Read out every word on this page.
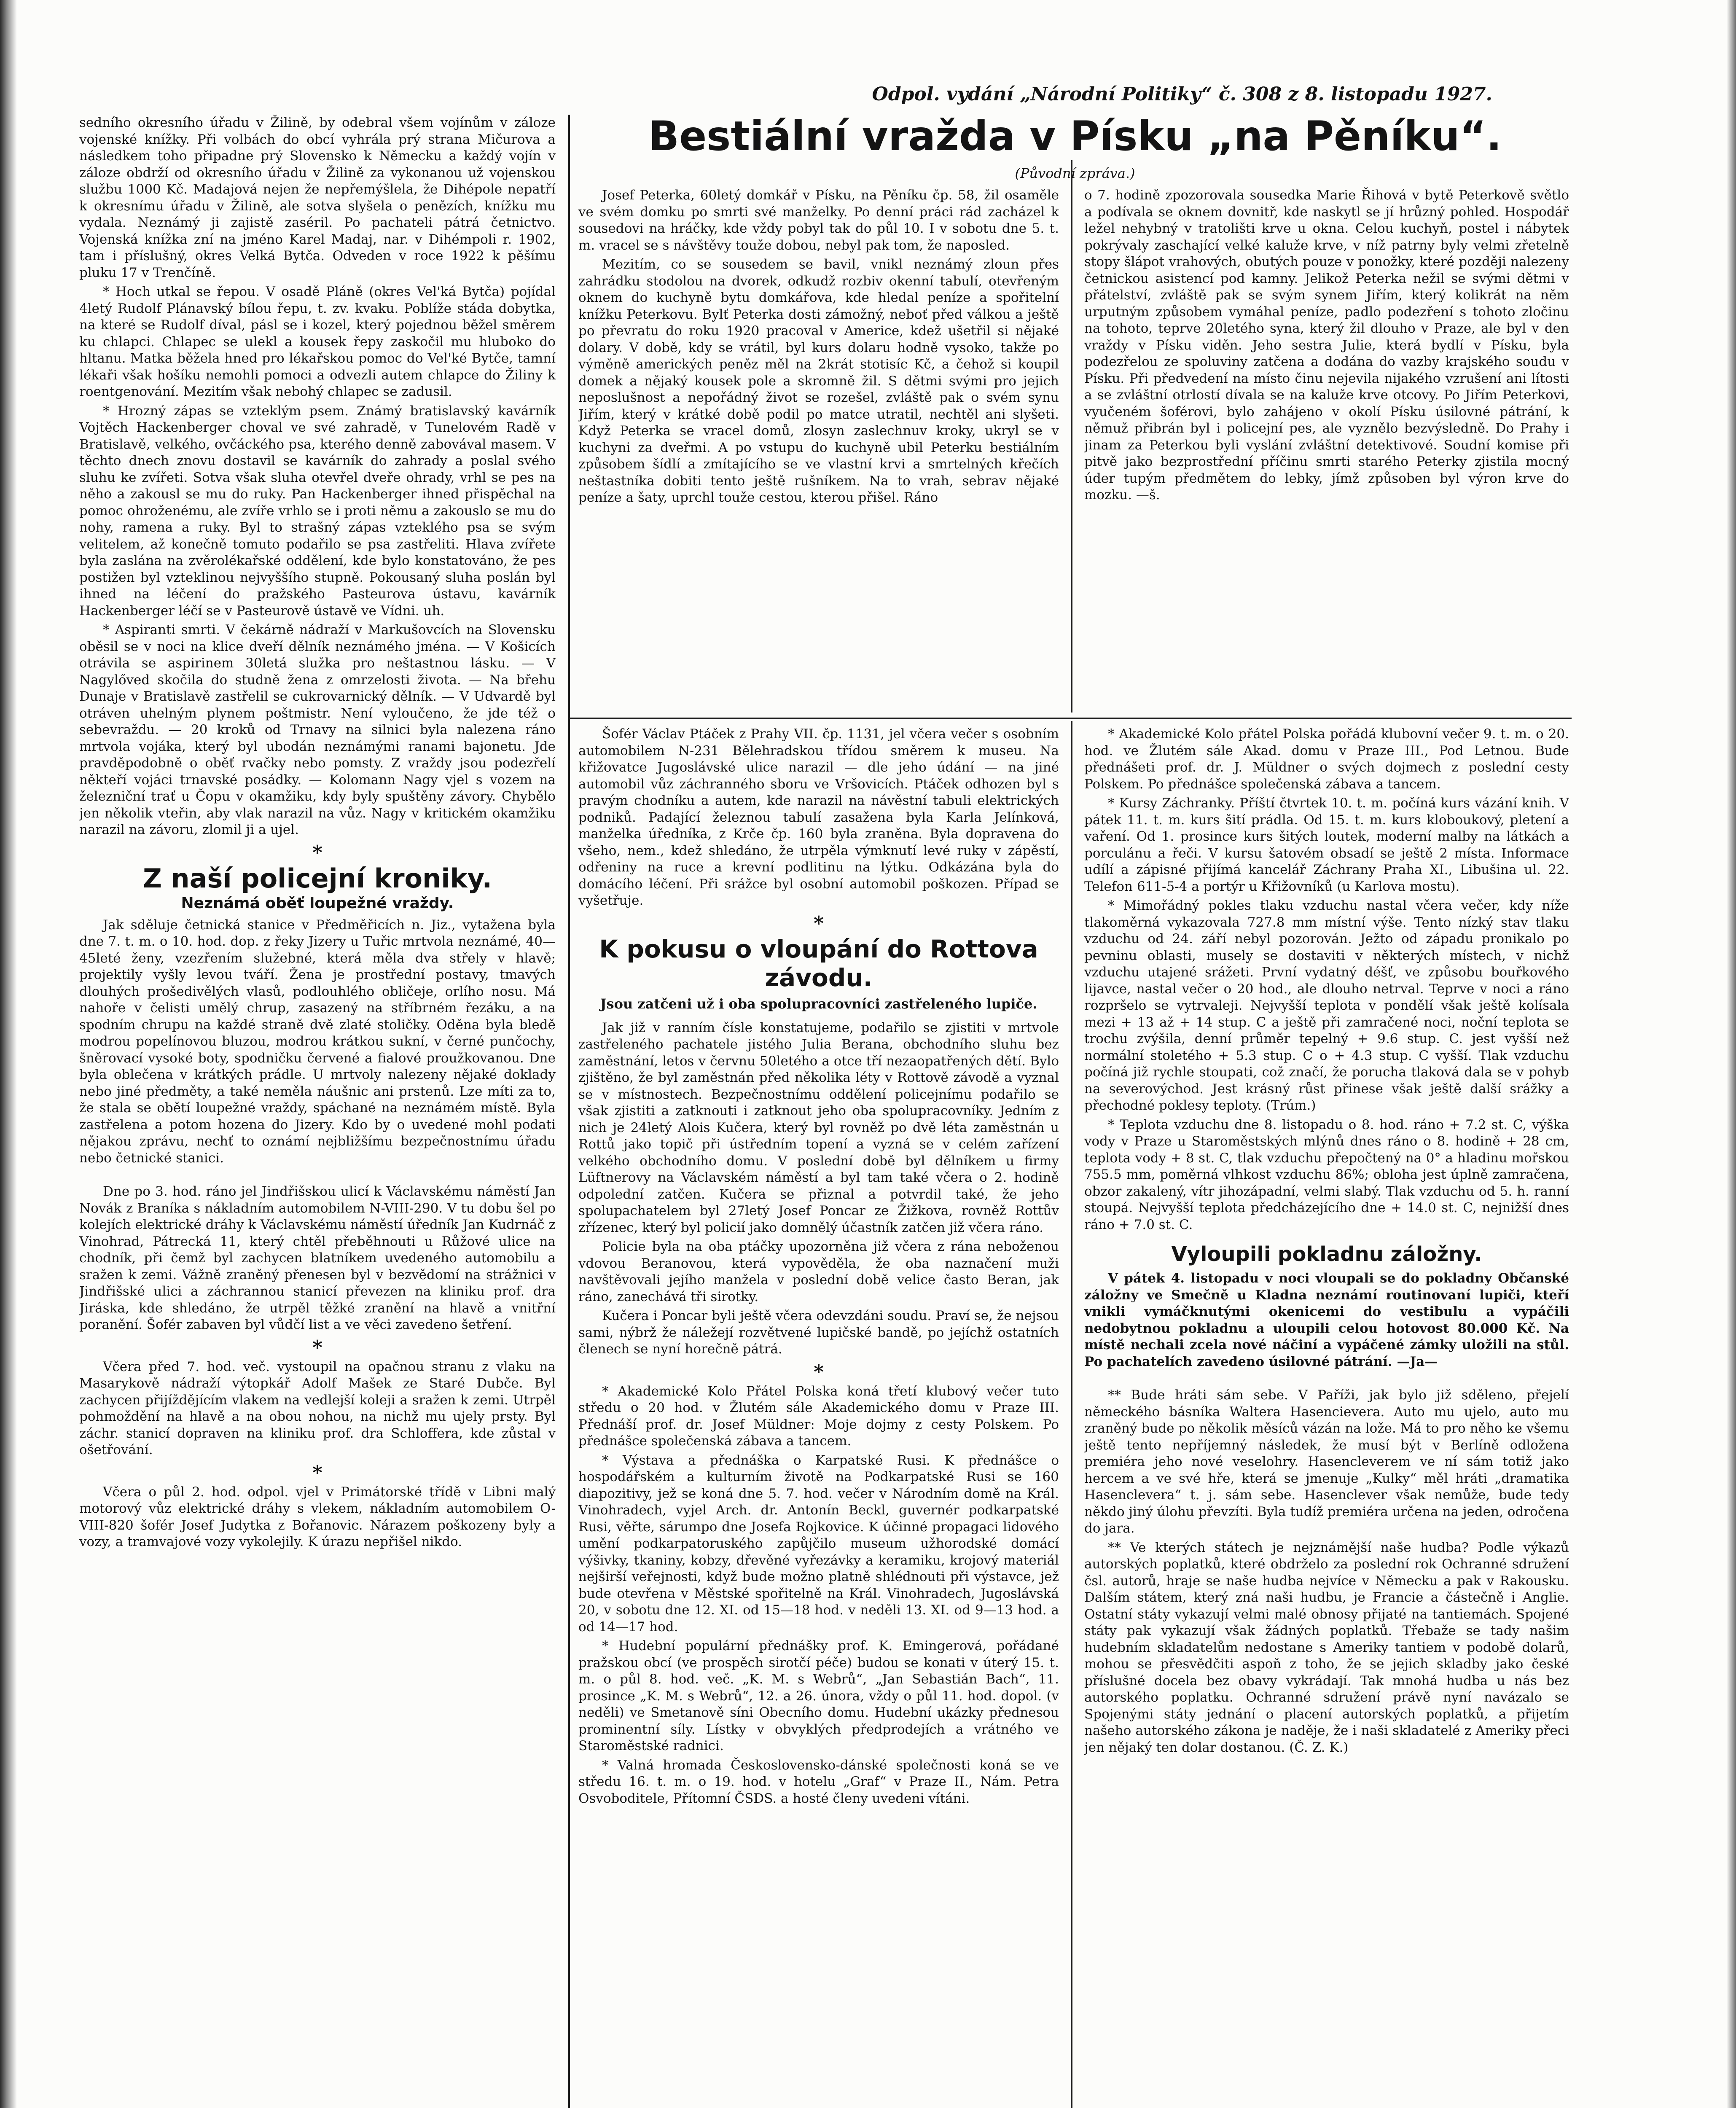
Odpol. vydání „Národní Politiky“ č. 308 z 8. listopadu 1927.

sedního okresního úřadu v Žilině, by odebral všem vojínům v záloze vojenské knížky. Při volbách do obcí vyhrála prý strana Mičurova a následkem toho připadne prý Slovensko k Německu a každý vojín v záloze obdrží od okresního úřadu v Žilině za vykonanou už vojenskou službu 1000 Kč. Madajová nejen že nepřemýšlela, že Dihépole nepatří k okresnímu úřadu v Žilině, ale sotva slyšela o penězích, knížku mu vydala. Neznámý ji zajistě zaséril. Po pachateli pátrá četnictvo. Vojenská knížka zní na jméno Karel Madaj, nar. v Dihémpoli r. 1902, tam i příslušný, okres Velká Bytča. Odveden v roce 1922 k pěšímu pluku 17 v Trenčíně.

* Hoch utkal se řepou. V osadě Pláně (okres Vel'ká Bytča) pojídal 4letý Rudolf Plánavský bílou řepu, t. zv. kvaku. Poblíže stáda dobytka, na které se Rudolf díval, pásl se i kozel, který pojednou běžel směrem ku chlapci. Chlapec se ulekl a kousek řepy zaskočil mu hluboko do hltanu. Matka běžela hned pro lékařskou pomoc do Vel'ké Bytče, tamní lékaři však hošíku nemohli pomoci a odvezli autem chlapce do Žiliny k roentgenování. Mezitím však nebohý chlapec se zadusil.

* Hrozný zápas se vzteklým psem. Známý bratislavský kavárník Vojtěch Hackenberger choval ve své zahradě, v Tunelovém Radě v Bratislavě, velkého, ovčáckého psa, kterého denně zabovával masem. V těchto dnech znovu dostavil se kavárník do zahrady a poslal svého sluhu ke zvířeti. Sotva však sluha otevřel dveře ohrady, vrhl se pes na něho a zakousl se mu do ruky. Pan Hackenberger ihned přispěchal na pomoc ohroženému, ale zvíře vrhlo se i proti němu a zakouslo se mu do nohy, ramena a ruky. Byl to strašný zápas vzteklého psa se svým velitelem, až konečně tomuto podařilo se psa zastřeliti. Hlava zvířete byla zaslána na zvěrolékařské oddělení, kde bylo konstatováno, že pes postižen byl vzteklinou nejvyššího stupně. Pokousaný sluha poslán byl ihned na léčení do pražského Pasteurova ústavu, kavárník Hackenberger léčí se v Pasteurově ústavě ve Vídni. uh.

* Aspiranti smrti. V čekárně nádraží v Markušovcích na Slovensku oběsil se v noci na klice dveří dělník neznámého jména. — V Košicích otrávila se aspirinem 30letá služka pro neštastnou lásku. — V Nagylőved skočila do studně žena z omrzelosti života. — Na břehu Dunaje v Bratislavě zastřelil se cukrovarnický dělník. — V Udvardě byl otráven uhelným plynem poštmistr. Není vyloučeno, že jde též o sebevraždu. — 20 kroků od Trnavy na silnici byla nalezena ráno mrtvola vojáka, který byl ubodán neznámými ranami bajonetu. Jde pravděpodobně o oběť rvačky nebo pomsty. Z vraždy jsou podezřelí někteří vojáci trnavské posádky. — Kolomann Nagy vjel s vozem na železniční trať u Čopu v okamžiku, kdy byly spuštěny závory. Chybělo jen několik vteřin, aby vlak narazil na vůz. Nagy v kritickém okamžiku narazil na závoru, zlomil ji a ujel.

*
Z naší policejní kroniky.
Neznámá oběť loupežné vraždy.

Jak sděluje četnická stanice v Předměřicích n. Jiz., vytažena byla dne 7. t. m. o 10. hod. dop. z řeky Jizery u Tuřic mrtvola neznámé, 40—45leté ženy, vzezřením služebné, která měla dva střely v hlavě; projektily vyšly levou tváří. Žena je prostřední postavy, tmavých dlouhých prošedivělých vlasů, podlouhlého obličeje, orlího nosu. Má nahoře v čelisti umělý chrup, zasazený na stříbrném řezáku, a na spodním chrupu na každé straně dvě zlaté stoličky. Oděna byla bledě modrou popelínovou bluzou, modrou krátkou sukní, v černé punčochy, šněrovací vysoké boty, spodničku červené a fialové proužkovanou. Dne byla oblečena v krátkých prádle. U mrtvoly nalezeny nějaké doklady nebo jiné předměty, a také neměla náušnic ani prstenů. Lze míti za to, že stala se obětí loupežné vraždy, spáchané na neznámém místě. Byla zastřelena a potom hozena do Jizery. Kdo by o uvedené mohl podati nějakou zprávu, nechť to oznámí nejbližšímu bezpečnostnímu úřadu nebo četnické stanici.

Dne po 3. hod. ráno jel Jindřišskou ulicí k Václavskému náměstí Jan Novák z Braníka s nákladním automobilem N-VIII-290. V tu dobu šel po kolejích elektrické dráhy k Václavskému náměstí úředník Jan Kudrnáč z Vinohrad, Pátrecká 11, který chtěl přeběhnouti u Růžové ulice na chodník, při čemž byl zachycen blatníkem uvedeného automobilu a sražen k zemi. Vážně zraněný přenesen byl v bezvědomí na strážnici v Jindřišské ulici a záchrannou stanicí převezen na kliniku prof. dra Jiráska, kde shledáno, že utrpěl těžké zranění na hlavě a vnitřní poranění. Šofér zabaven byl vůdčí list a ve věci zavedeno šetření.

*

Včera před 7. hod. več. vystoupil na opačnou stranu z vlaku na Masarykově nádraží výtopkář Adolf Mašek ze Staré Dubče. Byl zachycen přijíždějícím vlakem na vedlejší koleji a sražen k zemi. Utrpěl pohmoždění na hlavě a na obou nohou, na nichž mu ujely prsty. Byl záchr. stanicí dopraven na kliniku prof. dra Schloffera, kde zůstal v ošetřování.

*

Včera o půl 2. hod. odpol. vjel v Primátorské třídě v Libni malý motorový vůz elektrické dráhy s vlekem, nákladním automobilem O-VIII-820 šofér Josef Judytka z Bořanovic. Nárazem poškozeny byly a vozy, a tramvajové vozy vykolejily. K úrazu nepřišel nikdo.

Bestiální vražda v Písku „na Pěníku“.
(Původní zpráva.)

Josef Peterka, 60letý domkář v Písku, na Pěníku čp. 58, žil osaměle ve svém domku po smrti své manželky. Po denní práci rád zacházel k sousedovi na hráčky, kde vždy pobyl tak do půl 10. I v sobotu dne 5. t. m. vracel se s návštěvy touže dobou, nebyl pak tom, že naposled.

Mezitím, co se sousedem se bavil, vnikl neznámý zloun přes zahrádku stodolou na dvorek, odkudž rozbiv okenní tabulí, otevřeným oknem do kuchyně bytu domkářova, kde hledal peníze a spořitelní knížku Peterkovu. Bylť Peterka dosti zámožný, neboť před válkou a ještě po převratu do roku 1920 pracoval v Americe, kdež ušetřil si nějaké dolary. V době, kdy se vrátil, byl kurs dolaru hodně vysoko, takže po výměně amerických peněz měl na 2krát stotisíc Kč, a čehož si koupil domek a nějaký kousek pole a skromně žil. S dětmi svými pro jejich neposlušnost a nepořádný život se rozešel, zvláště pak o svém synu Jiřím, který v krátké době podil po matce utratil, nechtěl ani slyšeti. Když Peterka se vracel domů, zlosyn zaslechnuv kroky, ukryl se v kuchyni za dveřmi. A po vstupu do kuchyně ubil Peterku bestiálním způsobem šídlí a zmítajícího se ve vlastní krvi a smrtelných křečích neštastníka dobiti tento ještě rušníkem. Na to vrah, sebrav nějaké peníze a šaty, uprchl touže cestou, kterou přišel. Ráno

o 7. hodině zpozorovala sousedka Marie Řihová v bytě Peterkově světlo a podívala se oknem dovnitř, kde naskytl se jí hrůzný pohled. Hospodář ležel nehybný v tratolišti krve u okna. Celou kuchyň, postel i nábytek pokrývaly zaschající velké kaluže krve, v níž patrny byly velmi zřetelně stopy šlápot vrahových, obutých pouze v ponožky, které později nalezeny četnickou asistencí pod kamny. Jelikož Peterka nežil se svými dětmi v přátelství, zvláště pak se svým synem Jiřím, který kolikrát na něm urputným způsobem vymáhal peníze, padlo podezření s tohoto zločinu na tohoto, teprve 20letého syna, který žil dlouho v Praze, ale byl v den vraždy v Písku viděn. Jeho sestra Julie, která bydlí v Písku, byla podezřelou ze spoluviny zatčena a dodána do vazby krajského soudu v Písku. Při předvedení na místo činu nejevila nijakého vzrušení ani lítosti a se zvláštní otrlostí dívala se na kaluže krve otcovy. Po Jiřím Peterkovi, vyučeném šoférovi, bylo zahájeno v okolí Písku úsilovné pátrání, k němuž přibrán byl i policejní pes, ale vyznělo bezvýsledně. Do Prahy i jinam za Peterkou byli vyslání zvláštní detektivové. Soudní komise při pitvě jako bezprostřední příčinu smrti starého Peterky zjistila mocný úder tupým předmětem do lebky, jímž způsoben byl výron krve do mozku. —š.

Šofér Václav Ptáček z Prahy VII. čp. 1131, jel včera večer s osobním automobilem N-231 Bělehradskou třídou směrem k museu. Na křižovatce Jugoslávské ulice narazil — dle jeho údání — na jiné automobil vůz záchranného sboru ve Vršovicích. Ptáček odhozen byl s pravým chodníku a autem, kde narazil na návěstní tabuli elektrických podniků. Padající železnou tabulí zasažena byla Karla Jelínková, manželka úředníka, z Krče čp. 160 byla zraněna. Byla dopravena do všeho, nem., kdež shledáno, že utrpěla výmknutí levé ruky v zápěstí, odřeniny na ruce a krevní podlitinu na lýtku. Odkázána byla do domácího léčení. Při srážce byl osobní automobil poškozen. Případ se vyšetřuje.

*
K pokusu o vloupání do Rottova závodu.
Jsou zatčeni už i oba spolupracovníci zastřeleného lupiče.

Jak již v ranním čísle konstatujeme, podařilo se zjistiti v mrtvole zastřeleného pachatele jistého Julia Berana, obchodního sluhu bez zaměstnání, letos v červnu 50letého a otce tří nezaopatřených dětí. Bylo zjištěno, že byl zaměstnán před několika léty v Rottově závodě a vyznal se v místnostech. Bezpečnostnímu oddělení policejnímu podařilo se však zjistiti a zatknouti i zatknout jeho oba spolupracovníky. Jedním z nich je 24letý Alois Kučera, který byl rovněž po dvě léta zaměstnán u Rottů jako topič při ústředním topení a vyzná se v celém zařízení velkého obchodního domu. V poslední době byl dělníkem u firmy Lüftnerovy na Václavském náměstí a byl tam také včera o 2. hodině odpolední zatčen. Kučera se přiznal a potvrdil také, že jeho spolupachatelem byl 27letý Josef Poncar ze Žižkova, rovněž Rottův zřízenec, který byl policií jako domnělý účastník zatčen již včera ráno.

Policie byla na oba ptáčky upozorněna již včera z rána neboženou vdovou Beranovou, která vypověděla, že oba naznačení muži navštěvovali jejího manžela v poslední době velice často Beran, jak ráno, zanechává tři sirotky.

Kučera i Poncar byli ještě včera odevzdáni soudu. Praví se, že nejsou sami, nýbrž že náležejí rozvětvené lupičské bandě, po jejíchž ostatních členech se nyní horečně pátrá.

*

* Akademické Kolo Přátel Polska koná třetí klubový večer tuto středu o 20 hod. v Žlutém sále Akademického domu v Praze III. Přednáší prof. dr. Josef Müldner: Moje dojmy z cesty Polskem. Po přednášce společenská zábava a tancem.

* Výstava a přednáška o Karpatské Rusi. K přednášce o hospodářském a kulturním životě na Podkarpatské Rusi se 160 diapozitivy, jež se koná dne 5. 7. hod. večer v Národním domě na Král. Vinohradech, vyjel Arch. dr. Antonín Beckl, guvernér podkarpatské Rusi, věřte, sárumpo dne Josefa Rojkovice. K účinné propagaci lidového umění podkarpatoruského zapůjčilo museum užhorodské domácí výšivky, tkaniny, kobzy, dřevěné vyřezávky a keramiku, krojový materiál nejširší veřejnosti, když bude možno platně shlédnouti při výstavce, jež bude otevřena v Městské spořitelně na Král. Vinohradech, Jugoslávská 20, v sobotu dne 12. XI. od 15—18 hod. v neděli 13. XI. od 9—13 hod. a od 14—17 hod.

* Hudební populární přednášky prof. K. Emingerová, pořádané pražskou obcí (ve prospěch sirotčí péče) budou se konati v úterý 15. t. m. o půl 8. hod. več. „K. M. s Webrů“, „Jan Sebastián Bach“, 11. prosince „K. M. s Webrů“, 12. a 26. února, vždy o půl 11. hod. dopol. (v neděli) ve Smetanově síni Obecního domu. Hudební ukázky přednesou prominentní síly. Lístky v obvyklých předprodejích a vrátného ve Staroměstské radnici.

* Valná hromada Československo-dánské společnosti koná se ve středu 16. t. m. o 19. hod. v hotelu „Graf“ v Praze II., Nám. Petra Osvoboditele, Přítomní ČSDS. a hosté členy uvedeni vítáni.

* Akademické Kolo přátel Polska pořádá klubovní večer 9. t. m. o 20. hod. ve Žlutém sále Akad. domu v Praze III., Pod Letnou. Bude přednášeti prof. dr. J. Müldner o svých dojmech z poslední cesty Polskem. Po přednášce společenská zábava a tancem.

* Kursy Záchranky. Příští čtvrtek 10. t. m. počíná kurs vázání knih. V pátek 11. t. m. kurs šití prádla. Od 15. t. m. kurs kloboukový, pletení a vaření. Od 1. prosince kurs šitých loutek, moderní malby na látkách a porculánu a řeči. V kursu šatovém obsadí se ještě 2 místa. Informace udílí a zápisné přijímá kancelář Záchrany Praha XI., Libušina ul. 22. Telefon 611-5-4 a portýr u Křižovníků (u Karlova mostu).

* Mimořádný pokles tlaku vzduchu nastal včera večer, kdy níže tlakoměrná vykazovala 727.8 mm místní výše. Tento nízký stav tlaku vzduchu od 24. září nebyl pozorován. Ježto od západu pronikalo po pevninu oblasti, musely se dostaviti v některých místech, v nichž vzduchu utajené srážeti. První vydatný déšť, ve způsobu bouřkového lijavce, nastal večer o 20 hod., ale dlouho netrval. Teprve v noci a ráno rozpršelo se vytrvaleji. Nejvyšší teplota v pondělí však ještě kolísala mezi + 13 až + 14 stup. C a ještě při zamračené noci, noční teplota se trochu zvýšila, denní průměr tepelný + 9.6 stup. C. jest vyšší než normální stoletého + 5.3 stup. C o + 4.3 stup. C vyšší. Tlak vzduchu počíná již rychle stoupati, což značí, že porucha tlaková dala se v pohyb na severovýchod. Jest krásný růst přinese však ještě další srážky a přechodné poklesy teploty. (Trúm.)

* Teplota vzduchu dne 8. listopadu o 8. hod. ráno + 7.2 st. C, výška vody v Praze u Staroměstských mlýnů dnes ráno o 8. hodině + 28 cm, teplota vody + 8 st. C, tlak vzduchu přepočtený na 0° a hladinu mořskou 755.5 mm, poměrná vlhkost vzduchu 86%; obloha jest úplně zamračena, obzor zakalený, vítr jihozápadní, velmi slabý. Tlak vzduchu od 5. h. ranní stoupá. Nejvyšší teplota předcházejícího dne + 14.0 st. C, nejnižší dnes ráno + 7.0 st. C.

Vyloupili pokladnu záložny.

V pátek 4. listopadu v noci vloupali se do pokladny Občanské záložny ve Smečně u Kladna neznámí routinovaní lupiči, kteří vnikli vymáčknutými okenicemi do vestibulu a vypáčili nedobytnou pokladnu a uloupili celou hotovost 80.000 Kč. Na místě nechali zcela nové náčiní a vypáčené zámky uložili na stůl. Po pachatelích zavedeno úsilovné pátrání. —Ja—

** Bude hráti sám sebe. V Paříži, jak bylo již sděleno, přejelí německého básníka Waltera Hasencievera. Auto mu ujelo, auto mu zraněný bude po několik měsíců vázán na lože. Má to pro něho ke všemu ještě tento nepříjemný následek, že musí být v Berlíně odložena premiéra jeho nové veselohry. Hasencleverem ve ní sám totiž jako hercem a ve své hře, která se jmenuje „Kulky“ měl hráti „dramatika Hasenclevera“ t. j. sám sebe. Hasenclever však nemůže, bude tedy někdo jiný úlohu převzíti. Byla tudíž premiéra určena na jeden, odročena do jara.

** Ve kterých státech je nejznámější naše hudba? Podle výkazů autorských poplatků, které obdrželo za poslední rok Ochranné sdružení čsl. autorů, hraje se naše hudba nejvíce v Německu a pak v Rakousku. Dalším státem, který zná naši hudbu, je Francie a částečně i Anglie. Ostatní státy vykazují velmi malé obnosy přijaté na tantiemách. Spojené státy pak vykazují však žádných poplatků. Třebaže se tady našim hudebním skladatelům nedostane s Ameriky tantiem v podobě dolarů, mohou se přesvědčiti aspoň z toho, že se jejich skladby jako české příslušné docela bez obavy vykrádají. Tak mnohá hudba u nás bez autorského poplatku. Ochranné sdružení právě nyní navázalo se Spojenými státy jednání o placení autorských poplatků, a přijetím našeho autorského zákona je naděje, že i naši skladatelé z Ameriky přeci jen nějaký ten dolar dostanou. (Č. Z. K.)
